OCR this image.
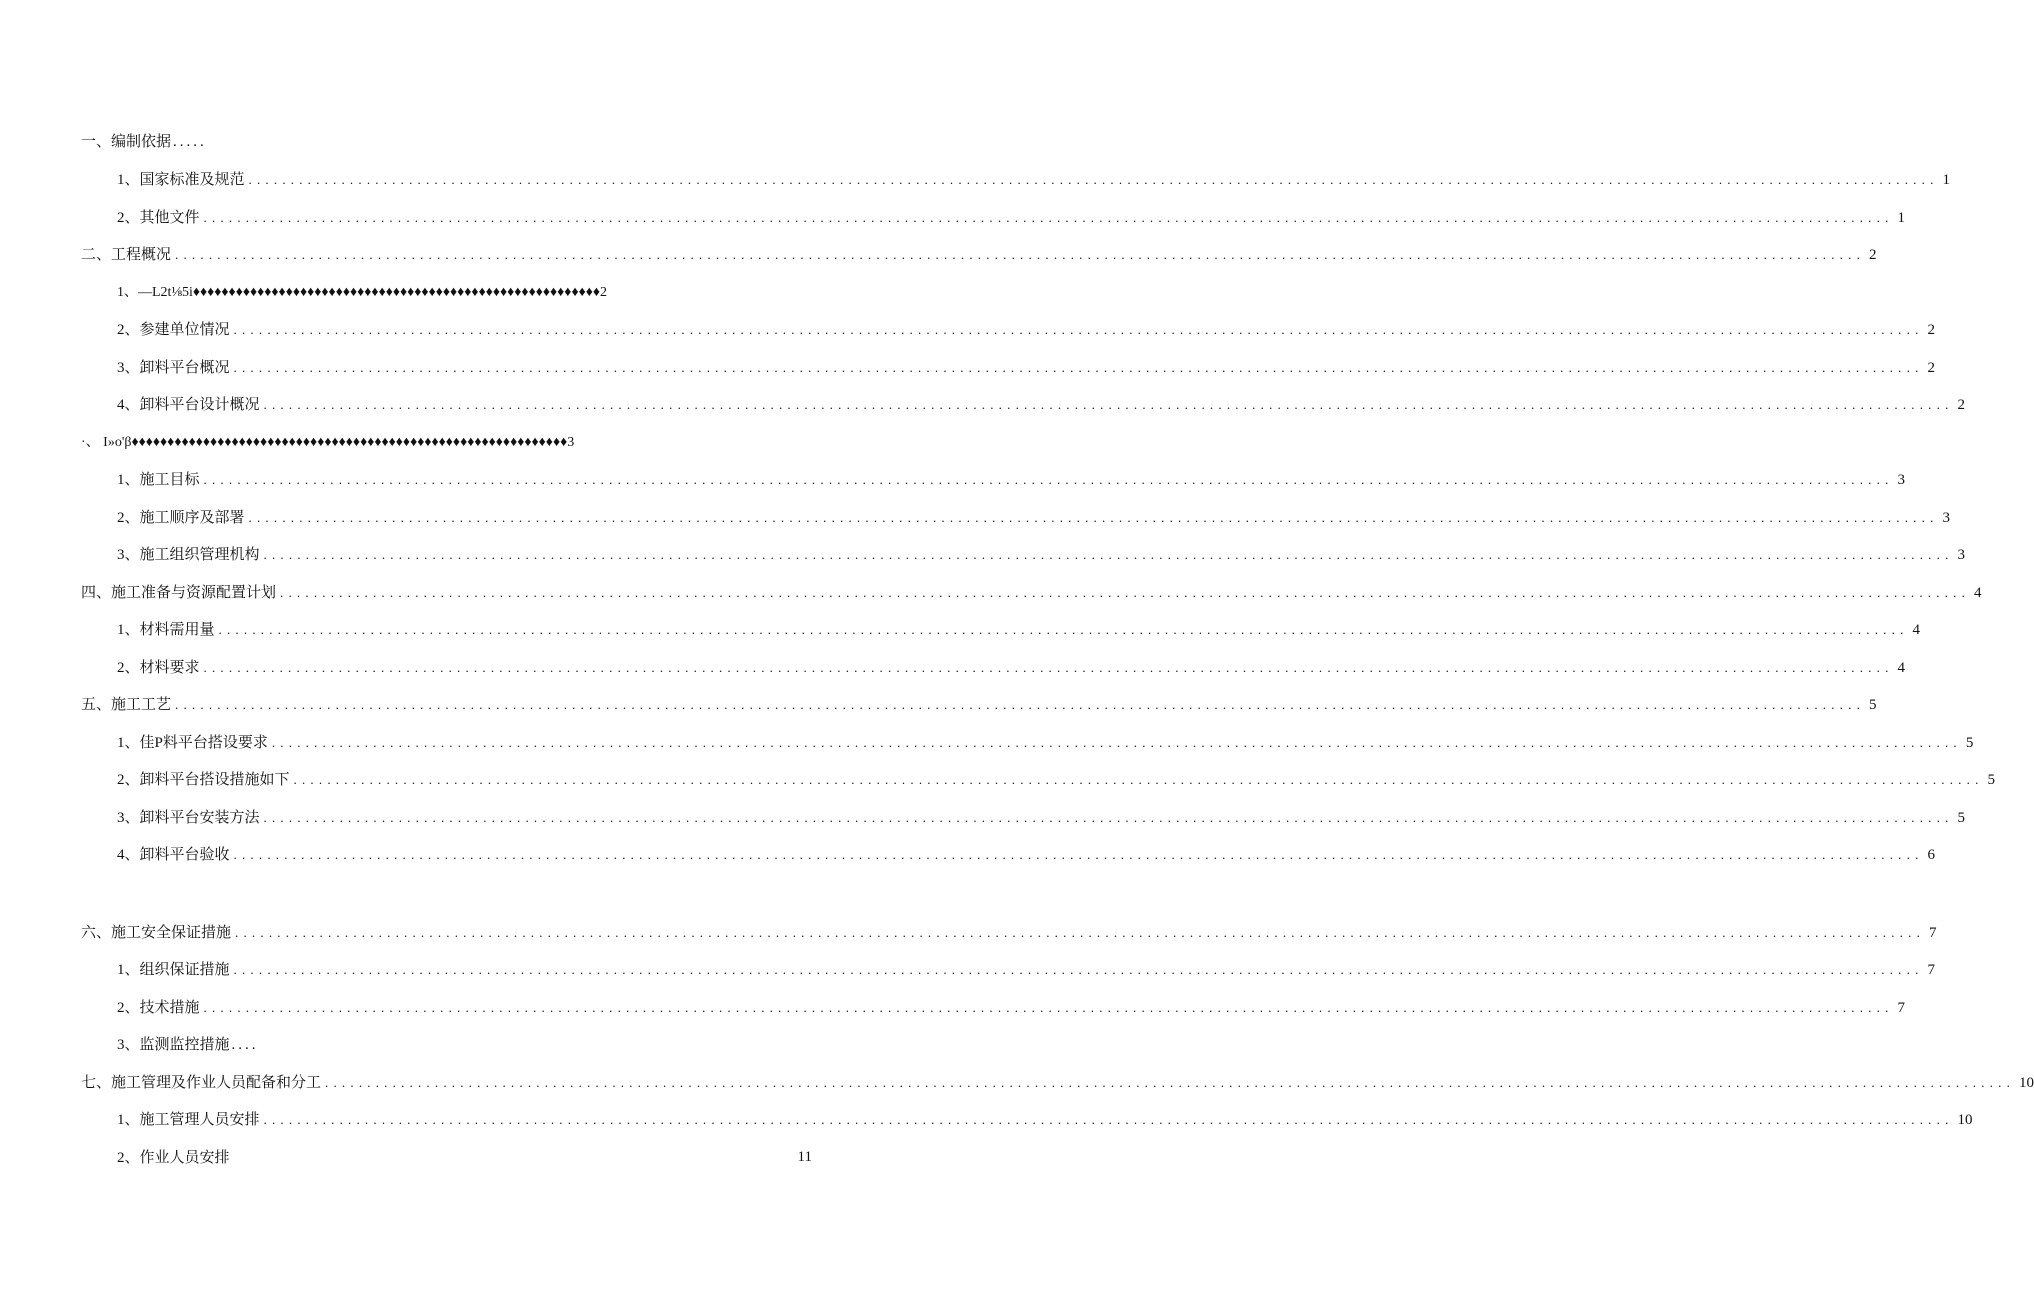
一、编制依据 .....
1、国家标准及规范 ........................................................................................................................................................................................................ 1
2、其他文件 ........................................................................................................................................................................................................ 1
二、工程概况 ........................................................................................................................................................................................................ 2
1、—L2t⅛5i♦♦♦♦♦♦♦♦♦♦♦♦♦♦♦♦♦♦♦♦♦♦♦♦♦♦♦♦♦♦♦♦♦♦♦♦♦♦♦♦♦♦♦♦♦♦♦♦♦♦♦♦♦♦♦♦♦2
2、参建单位情况 ........................................................................................................................................................................................................ 2
3、卸料平台概况 ........................................................................................................................................................................................................ 2
4、卸料平台设计概况 ........................................................................................................................................................................................................ 2
·、 I»o'β♦♦♦♦♦♦♦♦♦♦♦♦♦♦♦♦♦♦♦♦♦♦♦♦♦♦♦♦♦♦♦♦♦♦♦♦♦♦♦♦♦♦♦♦♦♦♦♦♦♦♦♦♦♦♦♦♦♦♦♦♦3
1、施工目标 ........................................................................................................................................................................................................ 3
2、施工顺序及部署 ........................................................................................................................................................................................................ 3
3、施工组织管理机构 ........................................................................................................................................................................................................ 3
四、施工准备与资源配置计划 ........................................................................................................................................................................................................ 4
1、材料需用量 ........................................................................................................................................................................................................ 4
2、材料要求 ........................................................................................................................................................................................................ 4
五、施工工艺 ........................................................................................................................................................................................................ 5
1、佳P料平台搭设要求 ........................................................................................................................................................................................................ 5
2、卸料平台搭设措施如下 ........................................................................................................................................................................................................ 5
3、卸料平台安装方法 ........................................................................................................................................................................................................ 5
4、卸料平台验收 ........................................................................................................................................................................................................ 6
六、施工安全保证措施 ........................................................................................................................................................................................................ 7
1、组织保证措施 ........................................................................................................................................................................................................ 7
2、技术措施 ........................................................................................................................................................................................................ 7
3、监测监控措施 ....
七、施工管理及作业人员配备和分工 ........................................................................................................................................................................................................ 10
1、施工管理人员安排 ........................................................................................................................................................................................................ 10
2、作业人员安排	11
